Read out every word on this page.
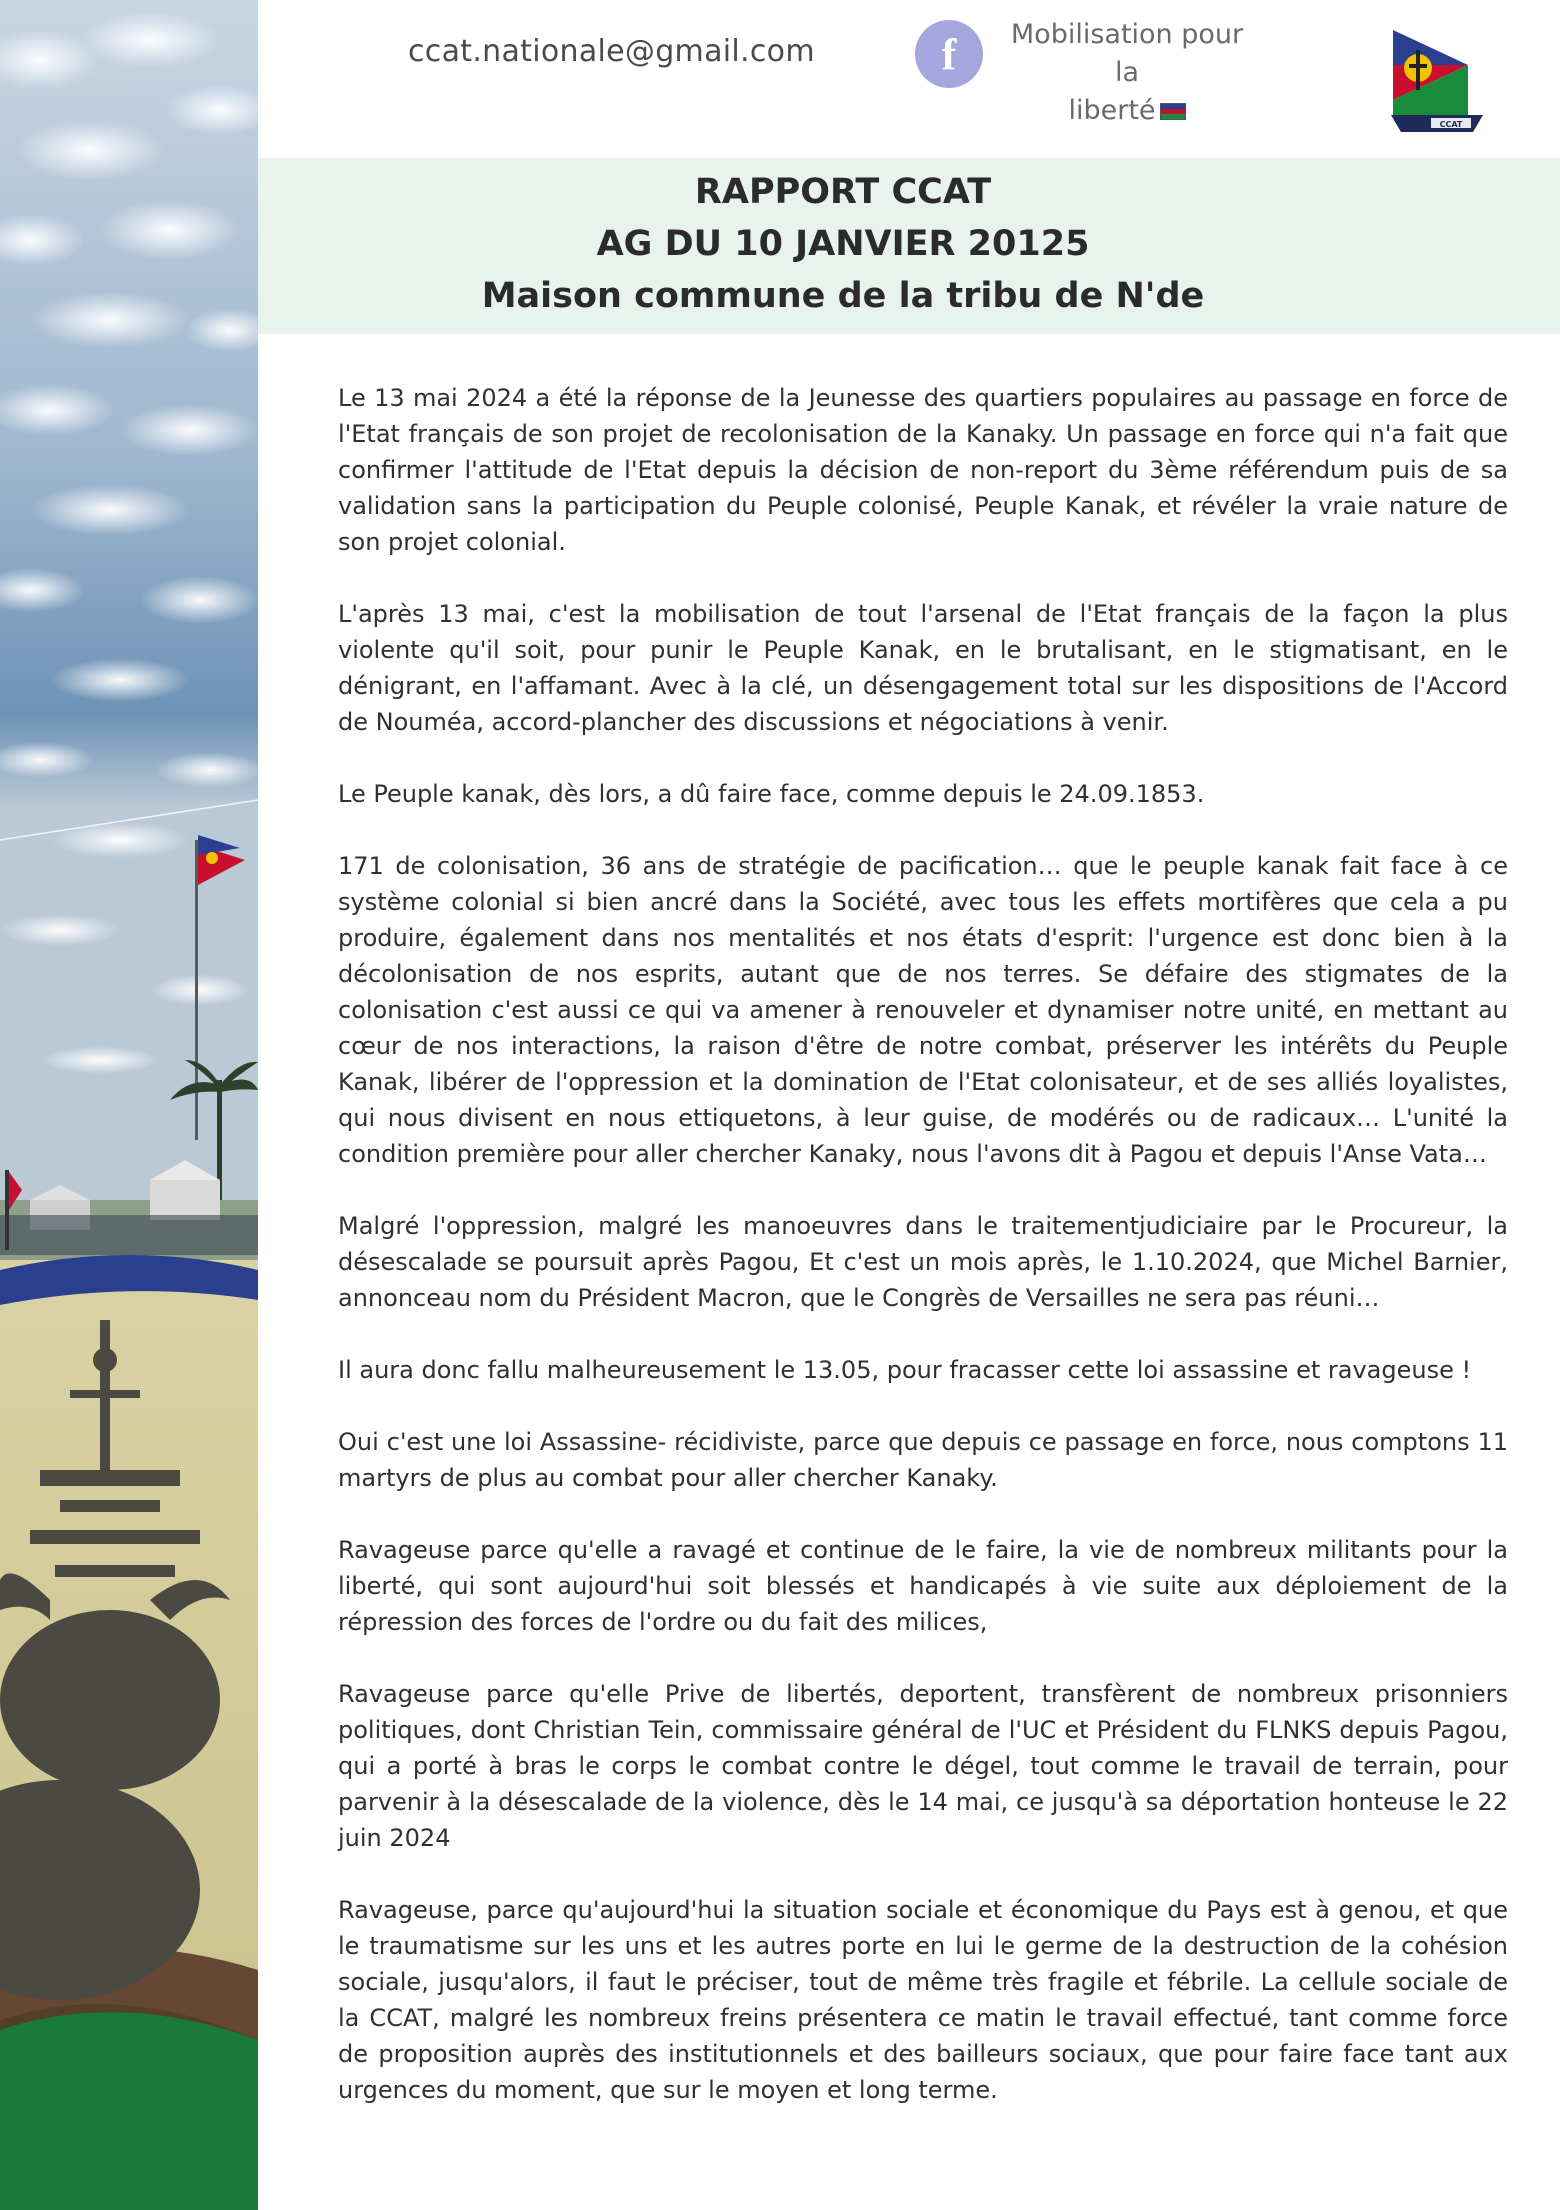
ccat.nationale@gmail.com	f	Mobilisation pour la
liberté	CCAT
RAPPORT CCAT
AG DU 10 JANVIER 20125
Maison commune de la tribu de N'de

Le 13 mai 2024 a été la réponse de la Jeunesse des quartiers populaires au passage en force de l'Etat français de son projet de recolonisation de la Kanaky. Un passage en force qui n'a fait que confirmer l'attitude de l'Etat depuis la décision de non-report du 3ème référendum puis de sa validation sans la participation du Peuple colonisé, Peuple Kanak, et révéler la vraie nature de son projet colonial.

L'après 13 mai, c'est la mobilisation de tout l'arsenal de l'Etat français de la façon la plus violente qu'il soit, pour punir le Peuple Kanak, en le brutalisant, en le stigmatisant, en le dénigrant, en l'affamant. Avec à la clé, un désengagement total sur les dispositions de l'Accord de Nouméa, accord-plancher des discussions et négociations à venir.

Le Peuple kanak, dès lors, a dû faire face, comme depuis le 24.09.1853.

171 de colonisation, 36 ans de stratégie de pacification… que le peuple kanak fait face à ce système colonial si bien ancré dans la Société, avec tous les effets mortifères que cela a pu produire, également dans nos mentalités et nos états d'esprit: l'urgence est donc bien à la décolonisation de nos esprits, autant que de nos terres. Se défaire des stigmates de la colonisation c'est aussi ce qui va amener à renouveler et dynamiser notre unité, en mettant au cœur de nos interactions, la raison d'être de notre combat, préserver les intérêts du Peuple Kanak, libérer de l'oppression et la domination de l'Etat colonisateur, et de ses alliés loyalistes, qui nous divisent en nous ettiquetons, à leur guise, de modérés ou de radicaux… L'unité la condition première pour aller chercher Kanaky, nous l'avons dit à Pagou et depuis l'Anse Vata…

Malgré l'oppression, malgré les manoeuvres dans le traitementjudiciaire par le Procureur, la désescalade se poursuit après Pagou, Et c'est un mois après, le 1.10.2024, que Michel Barnier, annonceau nom du Président Macron, que le Congrès de Versailles ne sera pas réuni…

Il aura donc fallu malheureusement le 13.05, pour fracasser cette loi assassine et ravageuse !

Oui c'est une loi Assassine- récidiviste, parce que depuis ce passage en force, nous comptons 11 martyrs de plus au combat pour aller chercher Kanaky.

Ravageuse parce qu'elle a ravagé et continue de le faire, la vie de nombreux militants pour la liberté, qui sont aujourd'hui soit blessés et handicapés à vie suite aux déploiement de la répression des forces de l'ordre ou du fait des milices,

Ravageuse parce qu'elle Prive de libertés, deportent, transfèrent de nombreux prisonniers politiques, dont Christian Tein, commissaire général de l'UC et Président du FLNKS depuis Pagou, qui a porté à bras le corps le combat contre le dégel, tout comme le travail de terrain, pour parvenir à la désescalade de la violence, dès le 14 mai, ce jusqu'à sa déportation honteuse le 22 juin 2024

Ravageuse, parce qu'aujourd'hui la situation sociale et économique du Pays est à genou, et que le traumatisme sur les uns et les autres porte en lui le germe de la destruction de la cohésion sociale, jusqu'alors, il faut le préciser, tout de même très fragile et fébrile. La cellule sociale de la CCAT, malgré les nombreux freins présentera ce matin le travail effectué, tant comme force de proposition auprès des institutionnels et des bailleurs sociaux, que pour faire face tant aux urgences du moment, que sur le moyen et long terme.
